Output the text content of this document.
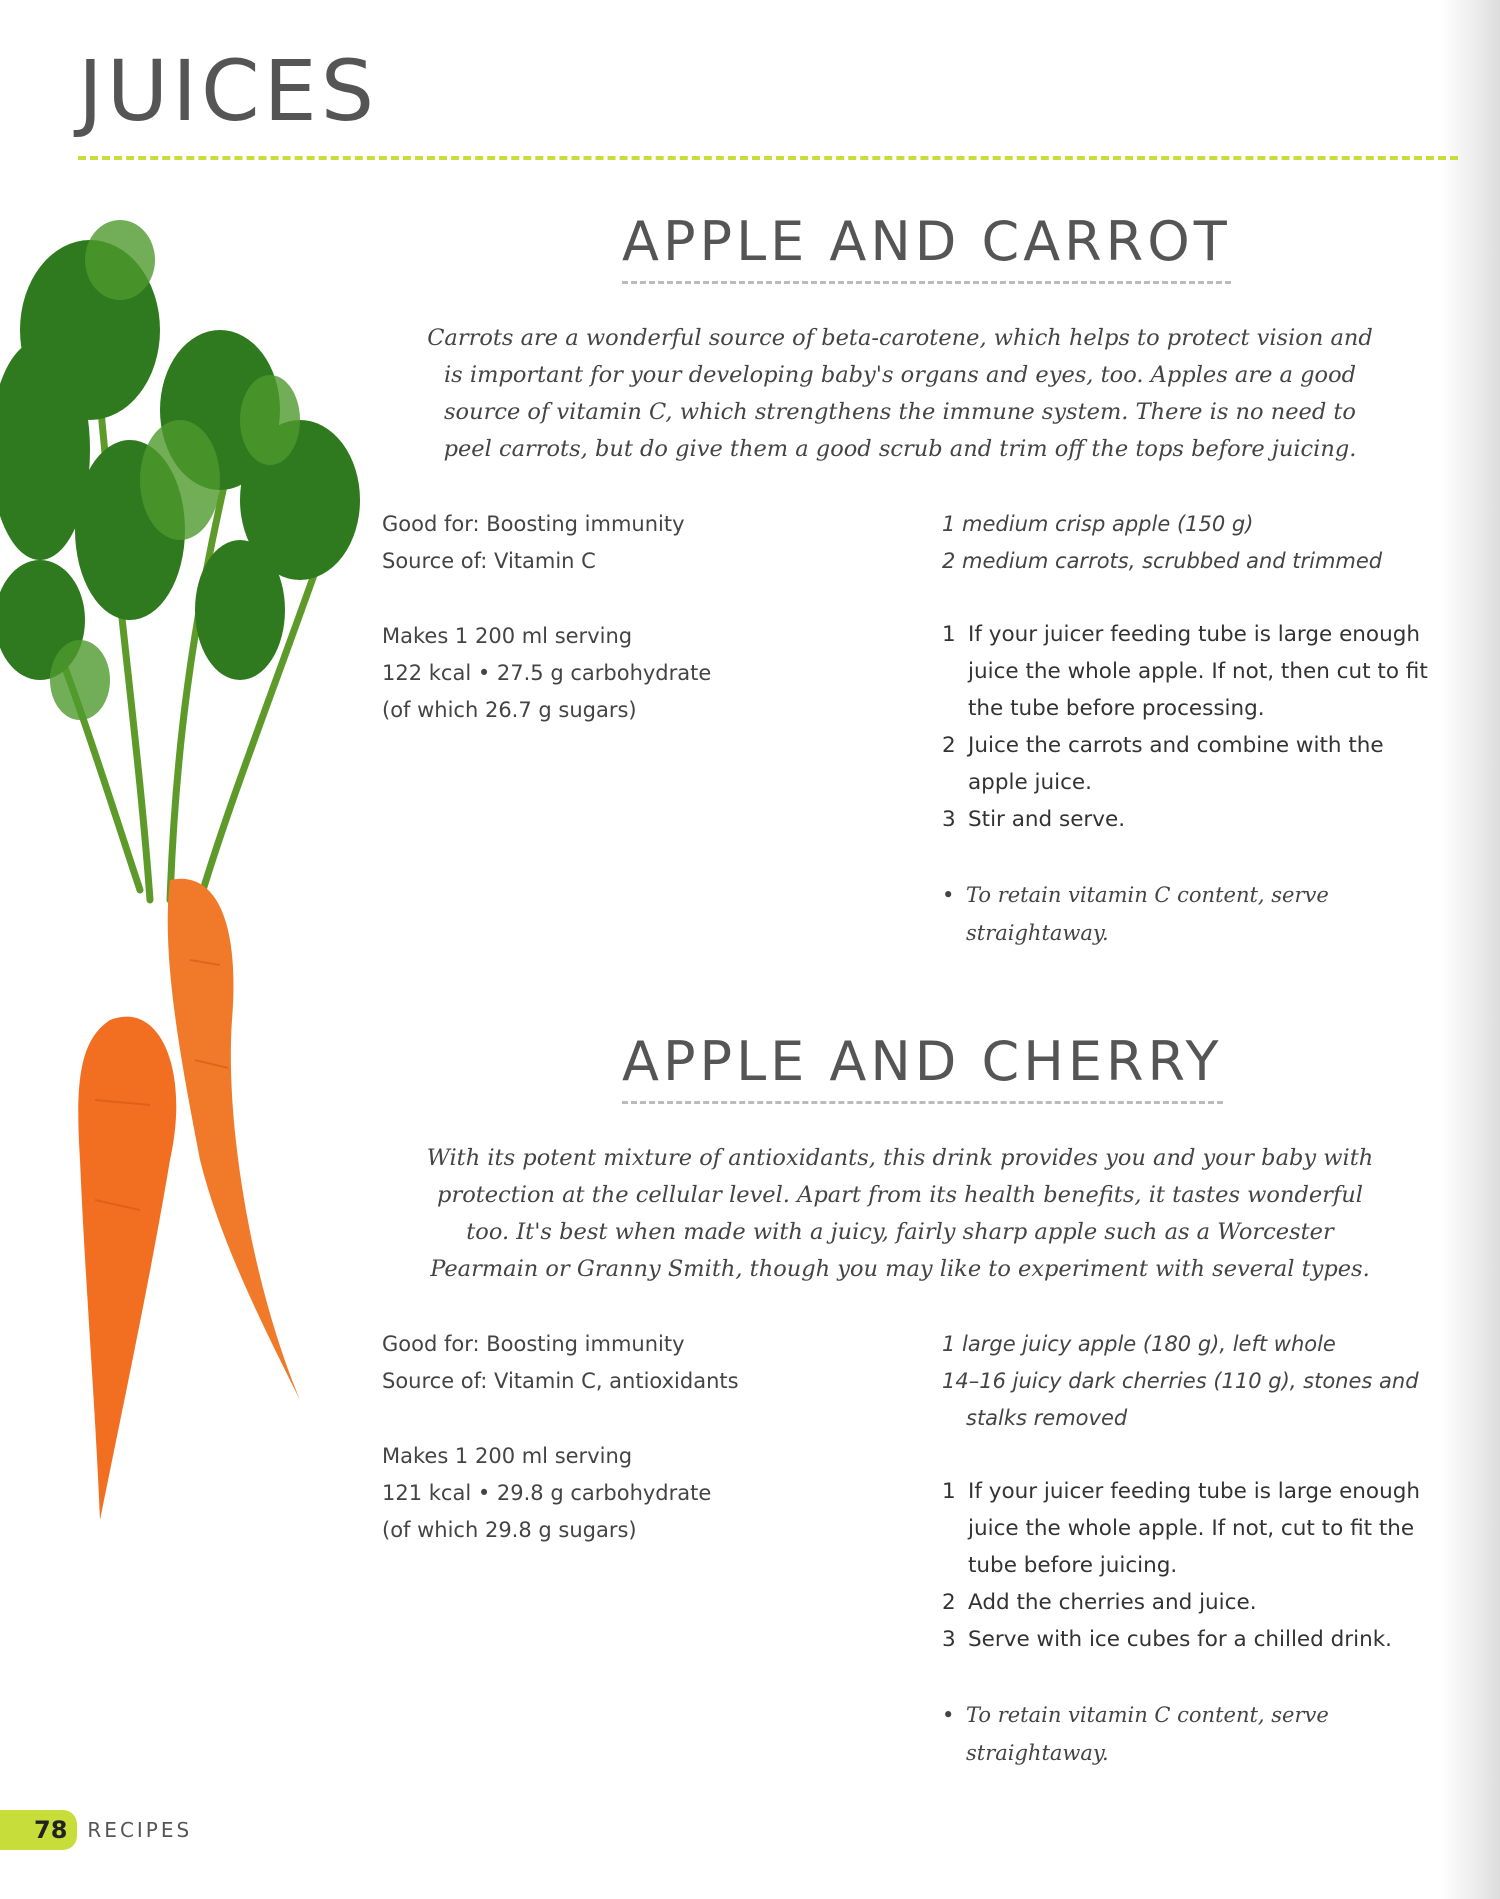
JUICES
APPLE AND CARROT

Carrots are a wonderful source of beta-carotene, which helps to protect vision and is important for your developing baby's organs and eyes, too. Apples are a good source of vitamin C, which strengthens the immune system. There is no need to peel carrots, but do give them a good scrub and trim off the tops before juicing.

Good for: Boosting immunity
Source of: Vitamin C
Makes 1 200 ml serving
122 kcal • 27.5 g carbohydrate
(of which 26.7 g sugars)
1 medium crisp apple (150 g)
2 medium carrots, scrubbed and trimmed
1 If your juicer feeding tube is large enough juice the whole apple. If not, then cut to fit the tube before processing.
2 Juice the carrots and combine with the apple juice.
3 Stir and serve.
• To retain vitamin C content, serve straightaway.
APPLE AND CHERRY

With its potent mixture of antioxidants, this drink provides you and your baby with protection at the cellular level. Apart from its health benefits, it tastes wonderful too. It's best when made with a juicy, fairly sharp apple such as a Worcester Pearmain or Granny Smith, though you may like to experiment with several types.

Good for: Boosting immunity
Source of: Vitamin C, antioxidants
Makes 1 200 ml serving
121 kcal • 29.8 g carbohydrate
(of which 29.8 g sugars)
1 large juicy apple (180 g), left whole
14–16 juicy dark cherries (110 g), stones and stalks removed
1 If your juicer feeding tube is large enough juice the whole apple. If not, cut to fit the tube before juicing.
2 Add the cherries and juice.
3 Serve with ice cubes for a chilled drink.
• To retain vitamin C content, serve straightaway.
78	RECIPES
